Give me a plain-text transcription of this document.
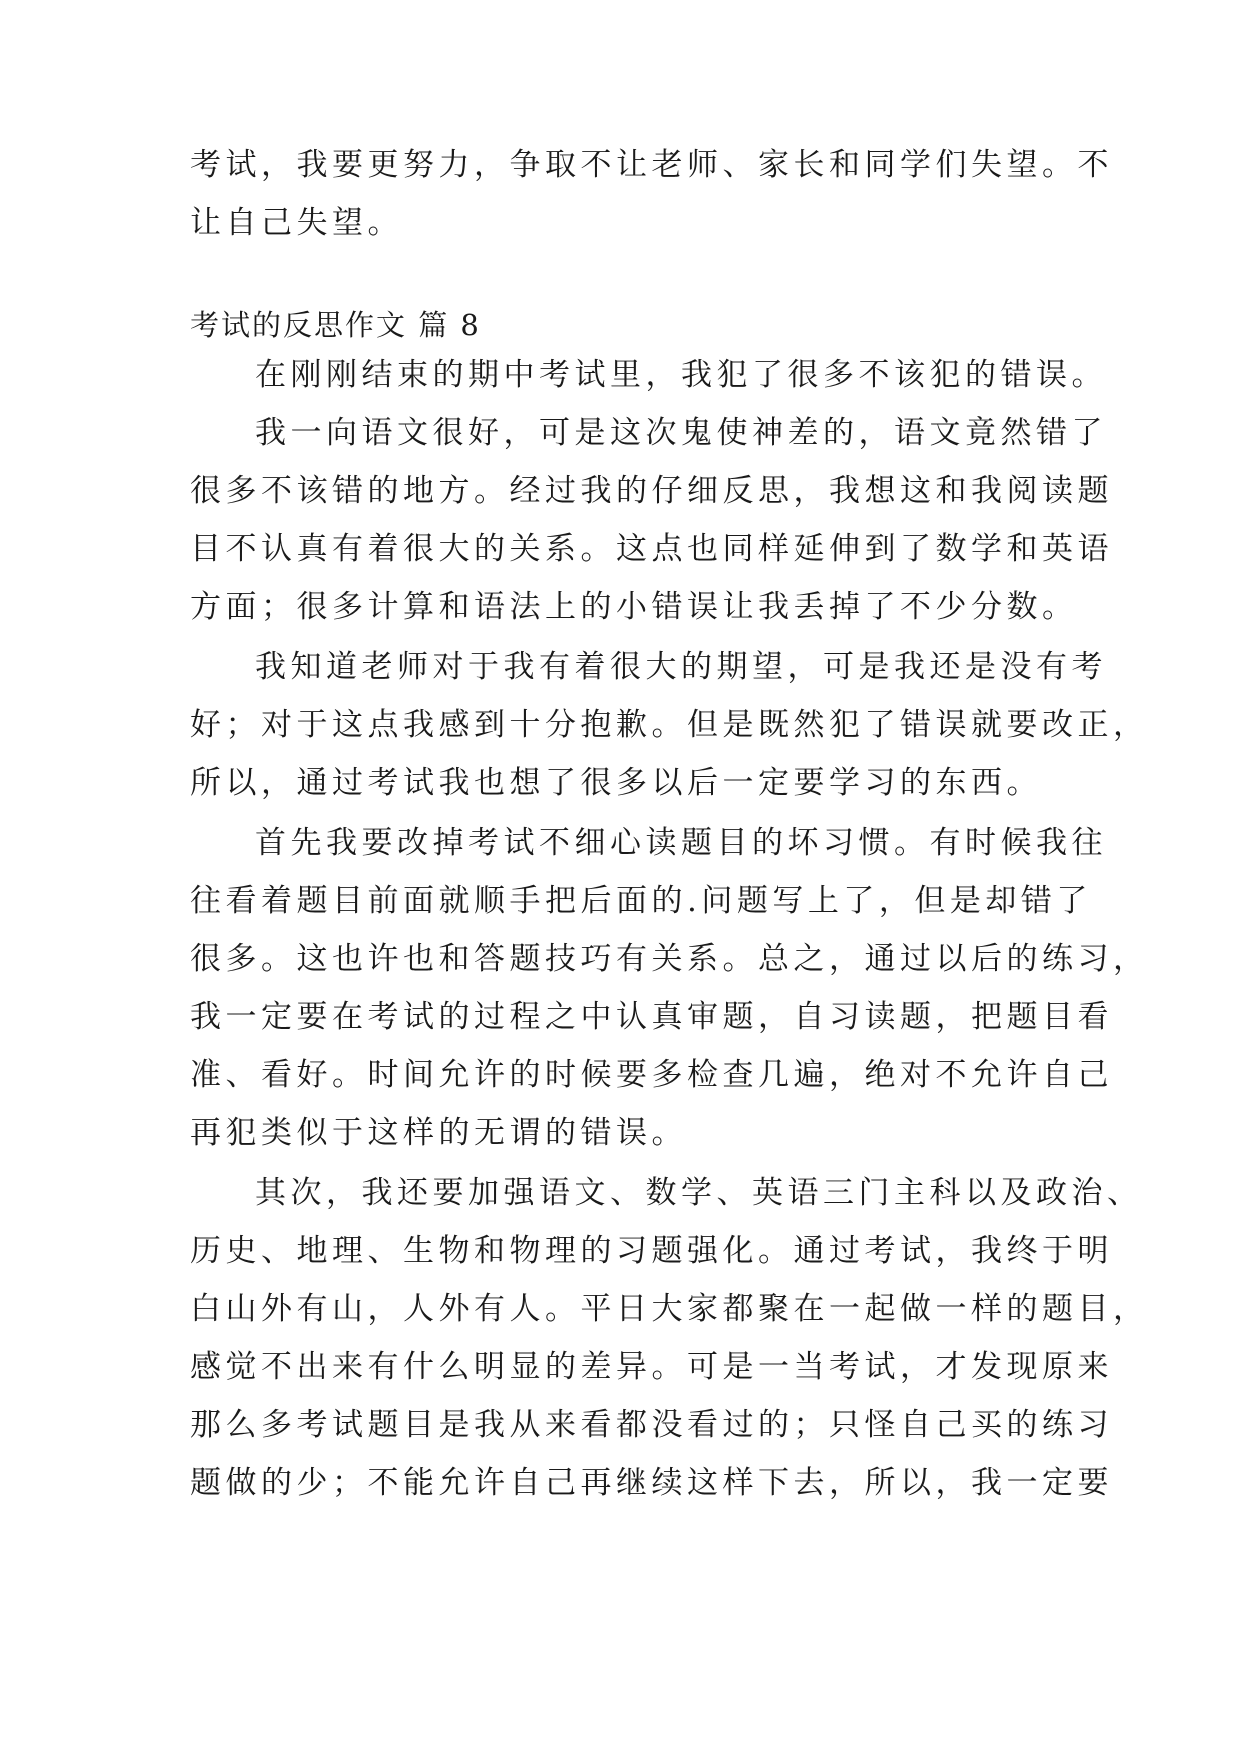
考试，我要更努力，争取不让老师、家长和同学们失望。不
让自己失望。
考试的反思作文 篇 8
在刚刚结束的期中考试里，我犯了很多不该犯的错误。
我一向语文很好，可是这次鬼使神差的，语文竟然错了
很多不该错的地方。经过我的仔细反思，我想这和我阅读题
目不认真有着很大的关系。这点也同样延伸到了数学和英语
方面；很多计算和语法上的小错误让我丢掉了不少分数。
我知道老师对于我有着很大的期望，可是我还是没有考
好；对于这点我感到十分抱歉。但是既然犯了错误就要改正，
所以，通过考试我也想了很多以后一定要学习的东西。
首先我要改掉考试不细心读题目的坏习惯。有时候我往
往看着题目前面就顺手把后面的.问题写上了，但是却错了
很多。这也许也和答题技巧有关系。总之，通过以后的练习，
我一定要在考试的过程之中认真审题，自习读题，把题目看
准、看好。时间允许的时候要多检查几遍，绝对不允许自己
再犯类似于这样的无谓的错误。
其次，我还要加强语文、数学、英语三门主科以及政治、
历史、地理、生物和物理的习题强化。通过考试，我终于明
白山外有山，人外有人。平日大家都聚在一起做一样的题目，
感觉不出来有什么明显的差异。可是一当考试，才发现原来
那么多考试题目是我从来看都没看过的；只怪自己买的练习
题做的少；不能允许自己再继续这样下去，所以，我一定要
